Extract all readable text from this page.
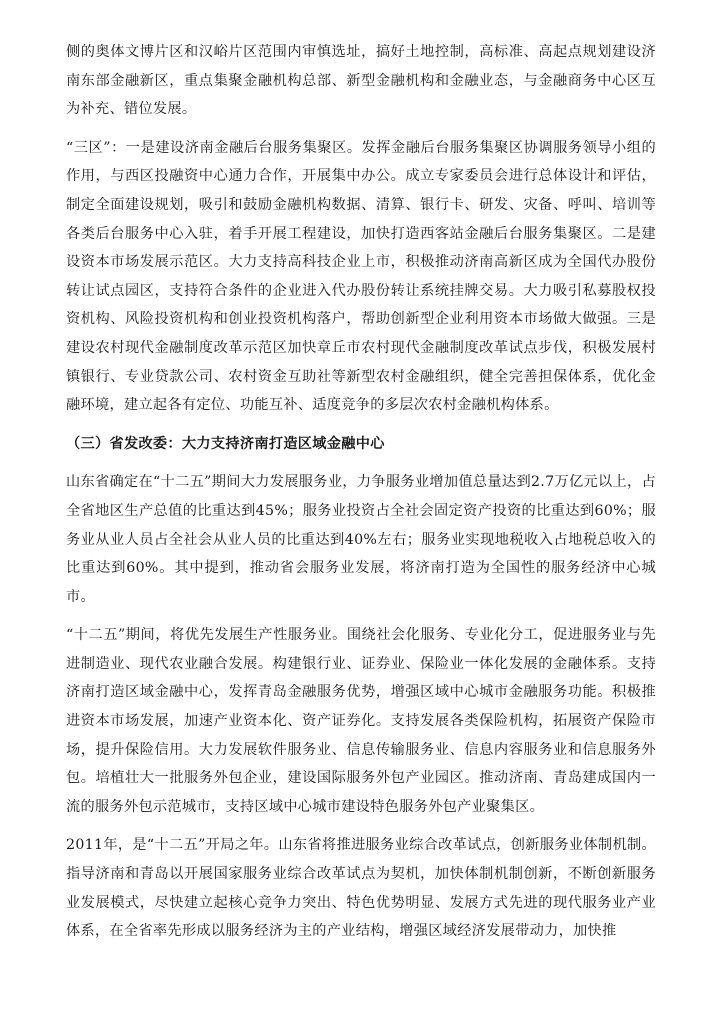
侧的奥体文博片区和汉峪片区范围内审慎选址，搞好土地控制，高标准、高起点规划建设济南东部金融新区，重点集聚金融机构总部、新型金融机构和金融业态，与金融商务中心区互为补充、错位发展。

“三区”：一是建设济南金融后台服务集聚区。发挥金融后台服务集聚区协调服务领导小组的作用，与西区投融资中心通力合作，开展集中办公。成立专家委员会进行总体设计和评估，制定全面建设规划，吸引和鼓励金融机构数据、清算、银行卡、研发、灾备、呼叫、培训等各类后台服务中心入驻，着手开展工程建设，加快打造西客站金融后台服务集聚区。二是建设资本市场发展示范区。大力支持高科技企业上市，积极推动济南高新区成为全国代办股份转让试点园区，支持符合条件的企业进入代办股份转让系统挂牌交易。大力吸引私募股权投资机构、风险投资机构和创业投资机构落户，帮助创新型企业利用资本市场做大做强。三是建设农村现代金融制度改革示范区加快章丘市农村现代金融制度改革试点步伐，积极发展村镇银行、专业贷款公司、农村资金互助社等新型农村金融组织，健全完善担保体系，优化金融环境，建立起各有定位、功能互补、适度竞争的多层次农村金融机构体系。

（三）省发改委：大力支持济南打造区域金融中心

山东省确定在“十二五”期间大力发展服务业，力争服务业增加值总量达到2.7万亿元以上，占全省地区生产总值的比重达到45%；服务业投资占全社会固定资产投资的比重达到60%；服务业从业人员占全社会从业人员的比重达到40%左右；服务业实现地税收入占地税总收入的比重达到60%。其中提到，推动省会服务业发展，将济南打造为全国性的服务经济中心城市。

“十二五”期间，将优先发展生产性服务业。围绕社会化服务、专业化分工，促进服务业与先进制造业、现代农业融合发展。构建银行业、证券业、保险业一体化发展的金融体系。支持济南打造区域金融中心，发挥青岛金融服务优势，增强区域中心城市金融服务功能。积极推进资本市场发展，加速产业资本化、资产证券化。支持发展各类保险机构，拓展资产保险市场，提升保险信用。大力发展软件服务业、信息传输服务业、信息内容服务业和信息服务外包。培植壮大一批服务外包企业，建设国际服务外包产业园区。推动济南、青岛建成国内一流的服务外包示范城市，支持区域中心城市建设特色服务外包产业聚集区。

2011年，是“十二五”开局之年。山东省将推进服务业综合改革试点，创新服务业体制机制。指导济南和青岛以开展国家服务业综合改革试点为契机，加快体制机制创新，不断创新服务业发展模式，尽快建立起核心竞争力突出、特色优势明显、发展方式先进的现代服务业产业体系，在全省率先形成以服务经济为主的产业结构，增强区域经济发展带动力，加快推
